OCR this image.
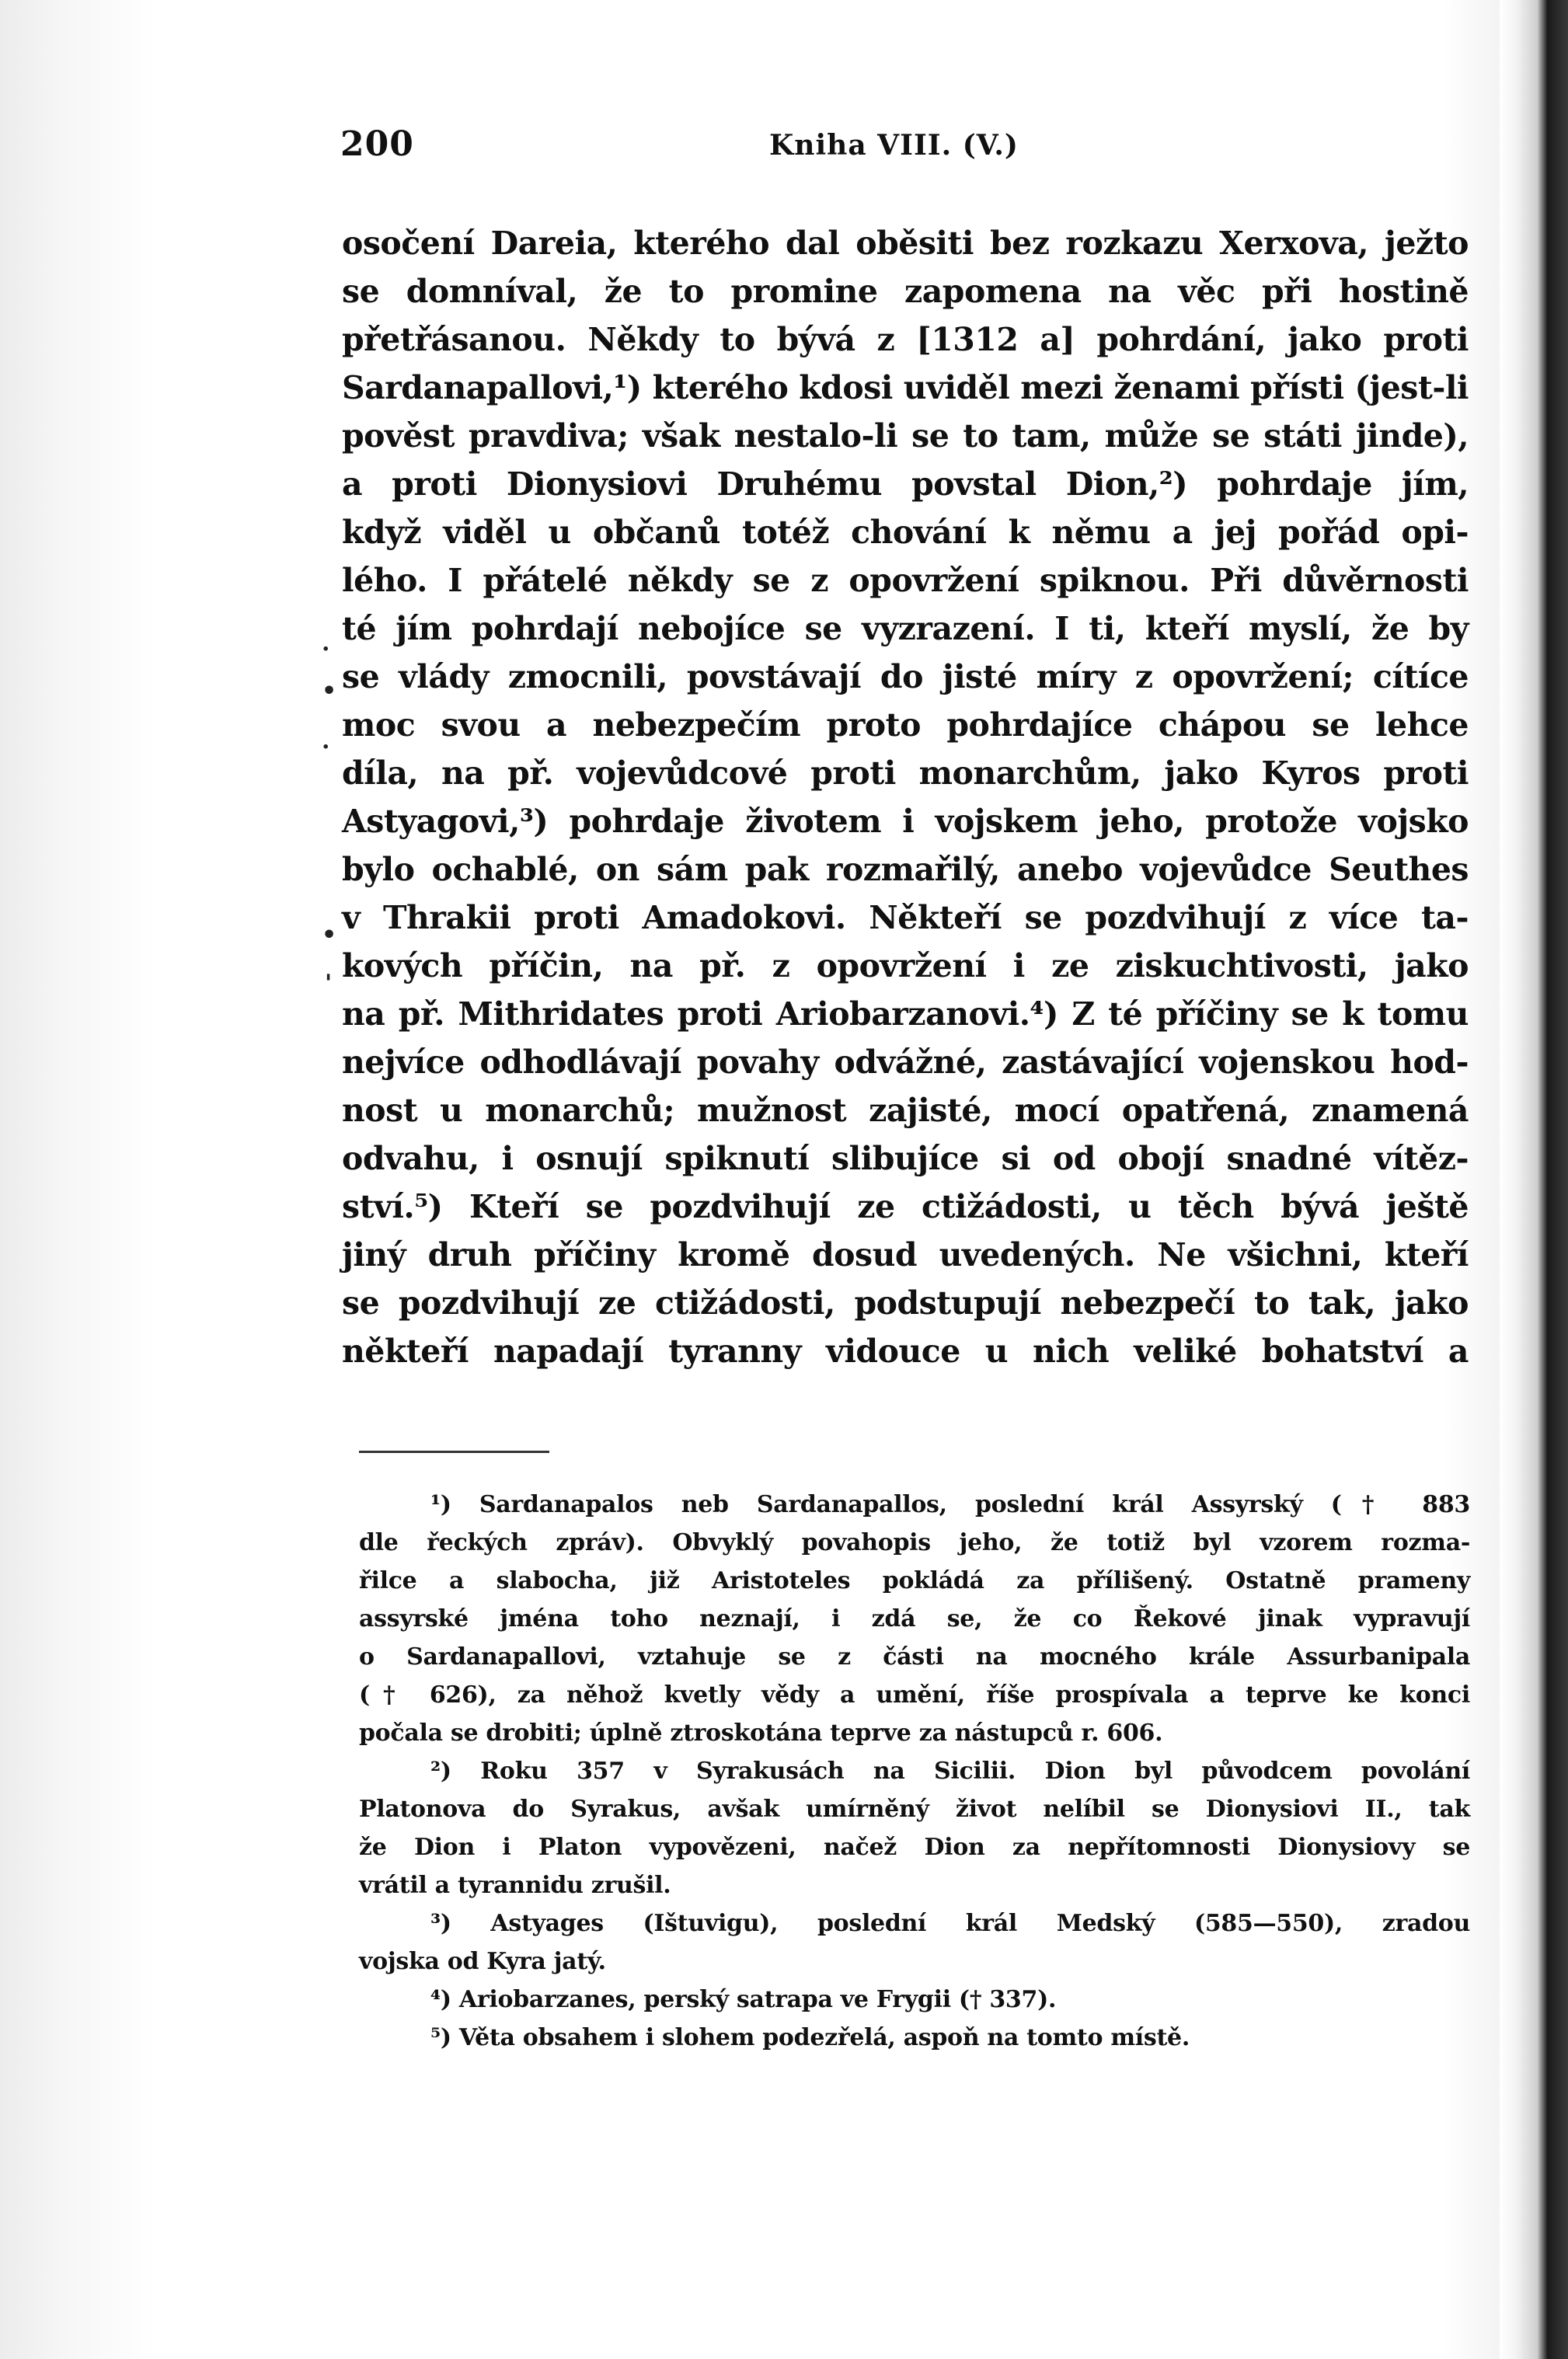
200	Kniha VIII. (V.)
.
•
.
•
'
osočení Dareia, kterého dal oběsiti bez rozkazu Xerxova, ježto
se domníval, že to promine zapomena na věc při hostině
přetřásanou. Někdy to bývá z [1312 a] pohrdání, jako proti
Sardanapallovi,¹) kterého kdosi uviděl mezi ženami přísti (jest-li
pověst pravdiva; však nestalo-li se to tam, může se státi jinde),
a proti Dionysiovi Druhému povstal Dion,²) pohrdaje jím,
když viděl u občanů totéž chování k němu a jej pořád opi-
lého. I přátelé někdy se z opovržení spiknou. Při důvěrnosti
té jím pohrdají nebojíce se vyzrazení. I ti, kteří myslí, že by
se vlády zmocnili, povstávají do jisté míry z opovržení; cítíce
moc svou a nebezpečím proto pohrdajíce chápou se lehce
díla, na př. vojevůdcové proti monarchům, jako Kyros proti
Astyagovi,³) pohrdaje životem i vojskem jeho, protože vojsko
bylo ochablé, on sám pak rozmařilý, anebo vojevůdce Seuthes
v Thrakii proti Amadokovi. Někteří se pozdvihují z více ta-
kových příčin, na př. z opovržení i ze ziskuchtivosti, jako
na př. Mithridates proti Ariobarzanovi.⁴) Z té příčiny se k tomu
nejvíce odhodlávají povahy odvážné, zastávající vojenskou hod-
nost u monarchů; mužnost zajisté, mocí opatřená, znamená
odvahu, i osnují spiknutí slibujíce si od obojí snadné vítěz-
ství.⁵) Kteří se pozdvihují ze ctižádosti, u těch bývá ještě
jiný druh příčiny kromě dosud uvedených. Ne všichni, kteří
se pozdvihují ze ctižádosti, podstupují nebezpečí to tak, jako
někteří napadají tyranny vidouce u nich veliké bohatství a
¹) Sardanapalos neb Sardanapallos, poslední král Assyrský († 883
dle řeckých zpráv). Obvyklý povahopis jeho, že totiž byl vzorem rozma-
řilce a slabocha, již Aristoteles pokládá za přílišený. Ostatně prameny
assyrské jména toho neznají, i zdá se, že co Řekové jinak vypravují
o Sardanapallovi, vztahuje se z části na mocného krále Assurbanipala
(† 626), za něhož kvetly vědy a umění, říše prospívala a teprve ke konci
počala se drobiti; úplně ztroskotána teprve za nástupců r. 606.
²) Roku 357 v Syrakusách na Sicilii. Dion byl původcem povolání
Platonova do Syrakus, avšak umírněný život nelíbil se Dionysiovi II., tak
že Dion i Platon vypovězeni, načež Dion za nepřítomnosti Dionysiovy se
vrátil a tyrannidu zrušil.
³) Astyages (Ištuvigu), poslední král Medský (585—550), zradou
vojska od Kyra jatý.
⁴) Ariobarzanes, perský satrapa ve Frygii († 337).
⁵) Věta obsahem i slohem podezřelá, aspoň na tomto místě.
